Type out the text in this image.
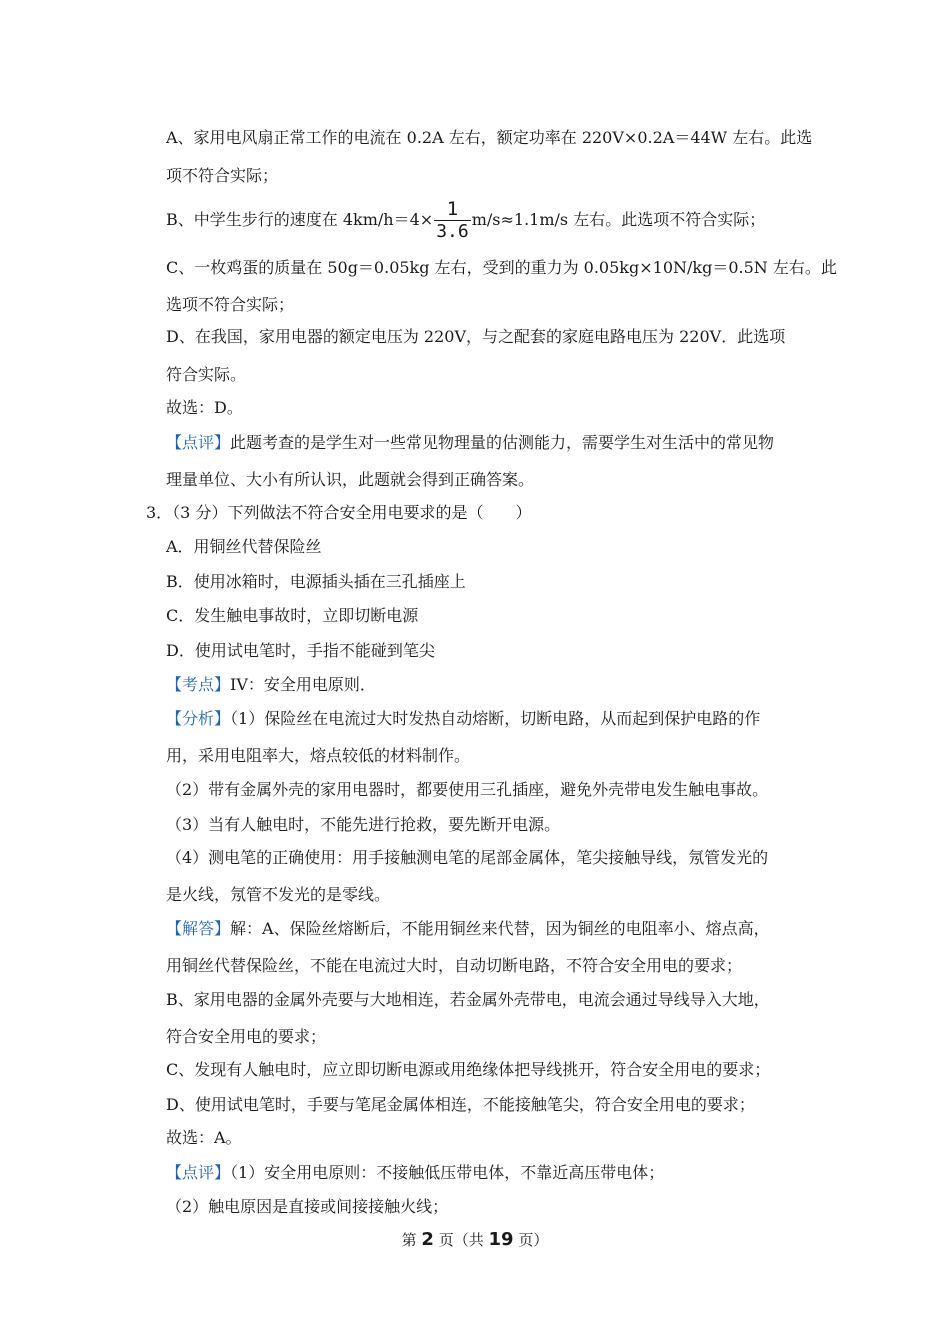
A、家用电风扇正常工作的电流在 0.2A 左右，额定功率在 220V×0.2A＝44W 左右。此选
项不符合实际；
B、中学生步行的速度在 $4km/h=4\times \frac{1}{3.6} m/s\approx 1.1m/s$ 左右。此选项不符合实际；
C、一枚鸡蛋的质量在 50g＝0.05kg 左右，受到的重力为 0.05kg×10N/kg＝0.5N 左右。此
选项不符合实际；
D、在我国，家用电器的额定电压为 220V，与之配套的家庭电路电压为 220V．此选项
符合实际。
故选：D。
【点评】此题考查的是学生对一些常见物理量的估测能力，需要学生对生活中的常见物
理量单位、大小有所认识，此题就会得到正确答案。
3．（3 分）下列做法不符合安全用电要求的是（　　）
A．用铜丝代替保险丝
B．使用冰箱时，电源插头插在三孔插座上
C．发生触电事故时，立即切断电源
D．使用试电笔时，手指不能碰到笔尖
【考点】IV：安全用电原则．
【分析】（1）保险丝在电流过大时发热自动熔断，切断电路，从而起到保护电路的作
用，采用电阻率大，熔点较低的材料制作。
（2）带有金属外壳的家用电器时，都要使用三孔插座，避免外壳带电发生触电事故。
（3）当有人触电时，不能先进行抢救，要先断开电源。
（4）测电笔的正确使用：用手接触测电笔的尾部金属体，笔尖接触导线，氖管发光的
是火线，氖管不发光的是零线。
【解答】解：A、保险丝熔断后，不能用铜丝来代替，因为铜丝的电阻率小、熔点高，
用铜丝代替保险丝，不能在电流过大时，自动切断电路，不符合安全用电的要求；
B、家用电器的金属外壳要与大地相连，若金属外壳带电，电流会通过导线导入大地，
符合安全用电的要求；
C、发现有人触电时，应立即切断电源或用绝缘体把导线挑开，符合安全用电的要求；
D、使用试电笔时，手要与笔尾金属体相连，不能接触笔尖，符合安全用电的要求；
故选：A。
【点评】（1）安全用电原则：不接触低压带电体，不靠近高压带电体；
（2）触电原因是直接或间接接触火线；
第 2 页（共 19 页）
